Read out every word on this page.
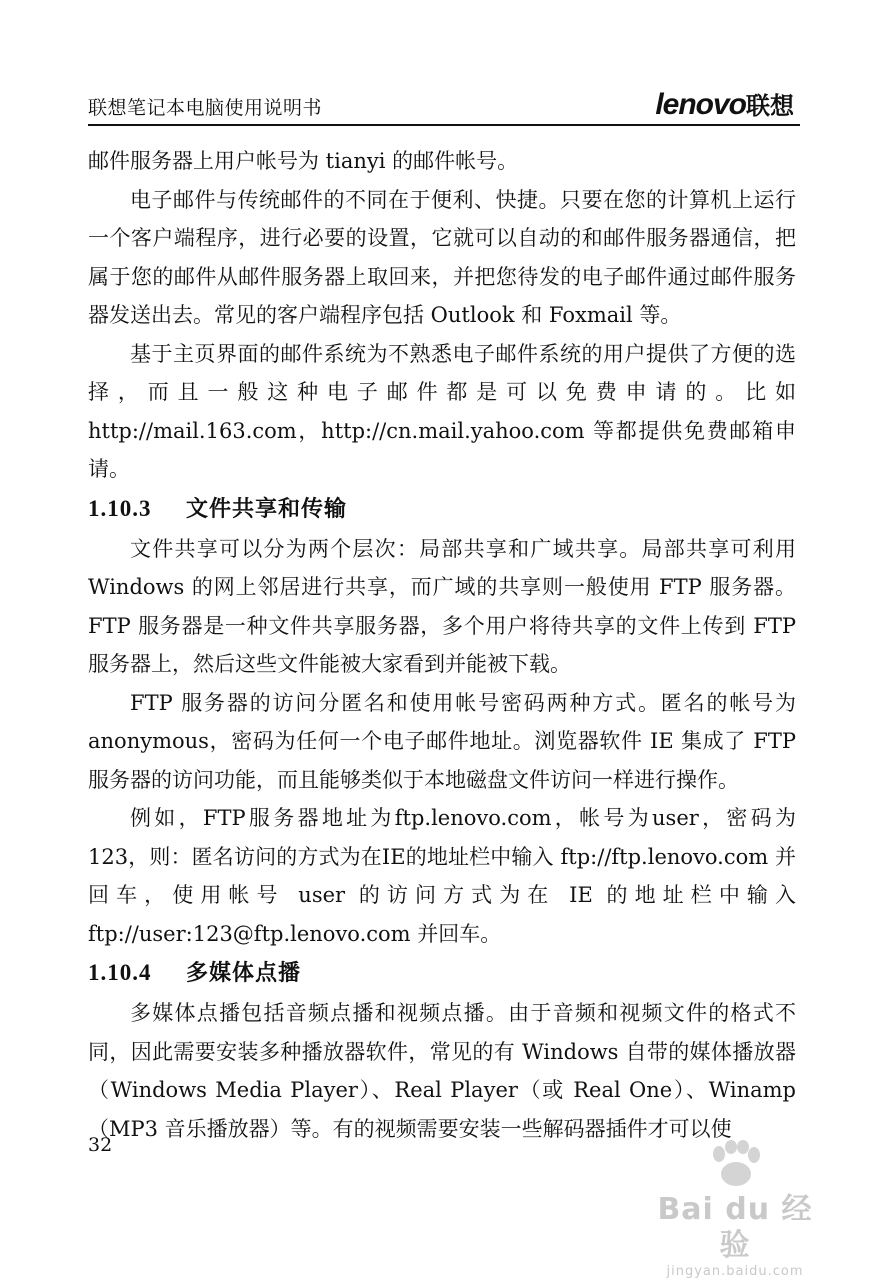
联想笔记本电脑使用说明书	lenovo联想

邮件服务器上用户帐号为 tianyi 的邮件帐号。

电子邮件与传统邮件的不同在于便利、快捷。只要在您的计算机上运行一个客户端程序，进行必要的设置，它就可以自动的和邮件服务器通信，把属于您的邮件从邮件服务器上取回来，并把您待发的电子邮件通过邮件服务器发送出去。常见的客户端程序包括 Outlook 和 Foxmail 等。

基于主页界面的邮件系统为不熟悉电子邮件系统的用户提供了方便的选择，而且一般这种电子邮件都是可以免费申请的。比如 http://mail.163.com，http://cn.mail.yahoo.com 等都提供免费邮箱申请。

1.10.3 文件共享和传输

文件共享可以分为两个层次：局部共享和广域共享。局部共享可利用 Windows 的网上邻居进行共享，而广域的共享则一般使用 FTP 服务器。FTP 服务器是一种文件共享服务器，多个用户将待共享的文件上传到 FTP 服务器上，然后这些文件能被大家看到并能被下载。

FTP 服务器的访问分匿名和使用帐号密码两种方式。匿名的帐号为 anonymous，密码为任何一个电子邮件地址。浏览器软件 IE 集成了 FTP 服务器的访问功能，而且能够类似于本地磁盘文件访问一样进行操作。

例如，FTP服务器地址为ftp.lenovo.com，帐号为user，密码为 123，则：匿名访问的方式为在IE的地址栏中输入 ftp://ftp.lenovo.com 并回车，使用帐号 user 的访问方式为在 IE 的地址栏中输入 ftp://user:123@ftp.lenovo.com 并回车。

1.10.4 多媒体点播

多媒体点播包括音频点播和视频点播。由于音频和视频文件的格式不同，因此需要安装多种播放器软件，常见的有 Windows 自带的媒体播放器（Windows Media Player）、Real Player（或 Real One）、Winamp（MP3 音乐播放器）等。有的视频需要安装一些解码器插件才可以使

32
Bai du 经验
jingyan.baidu.com
